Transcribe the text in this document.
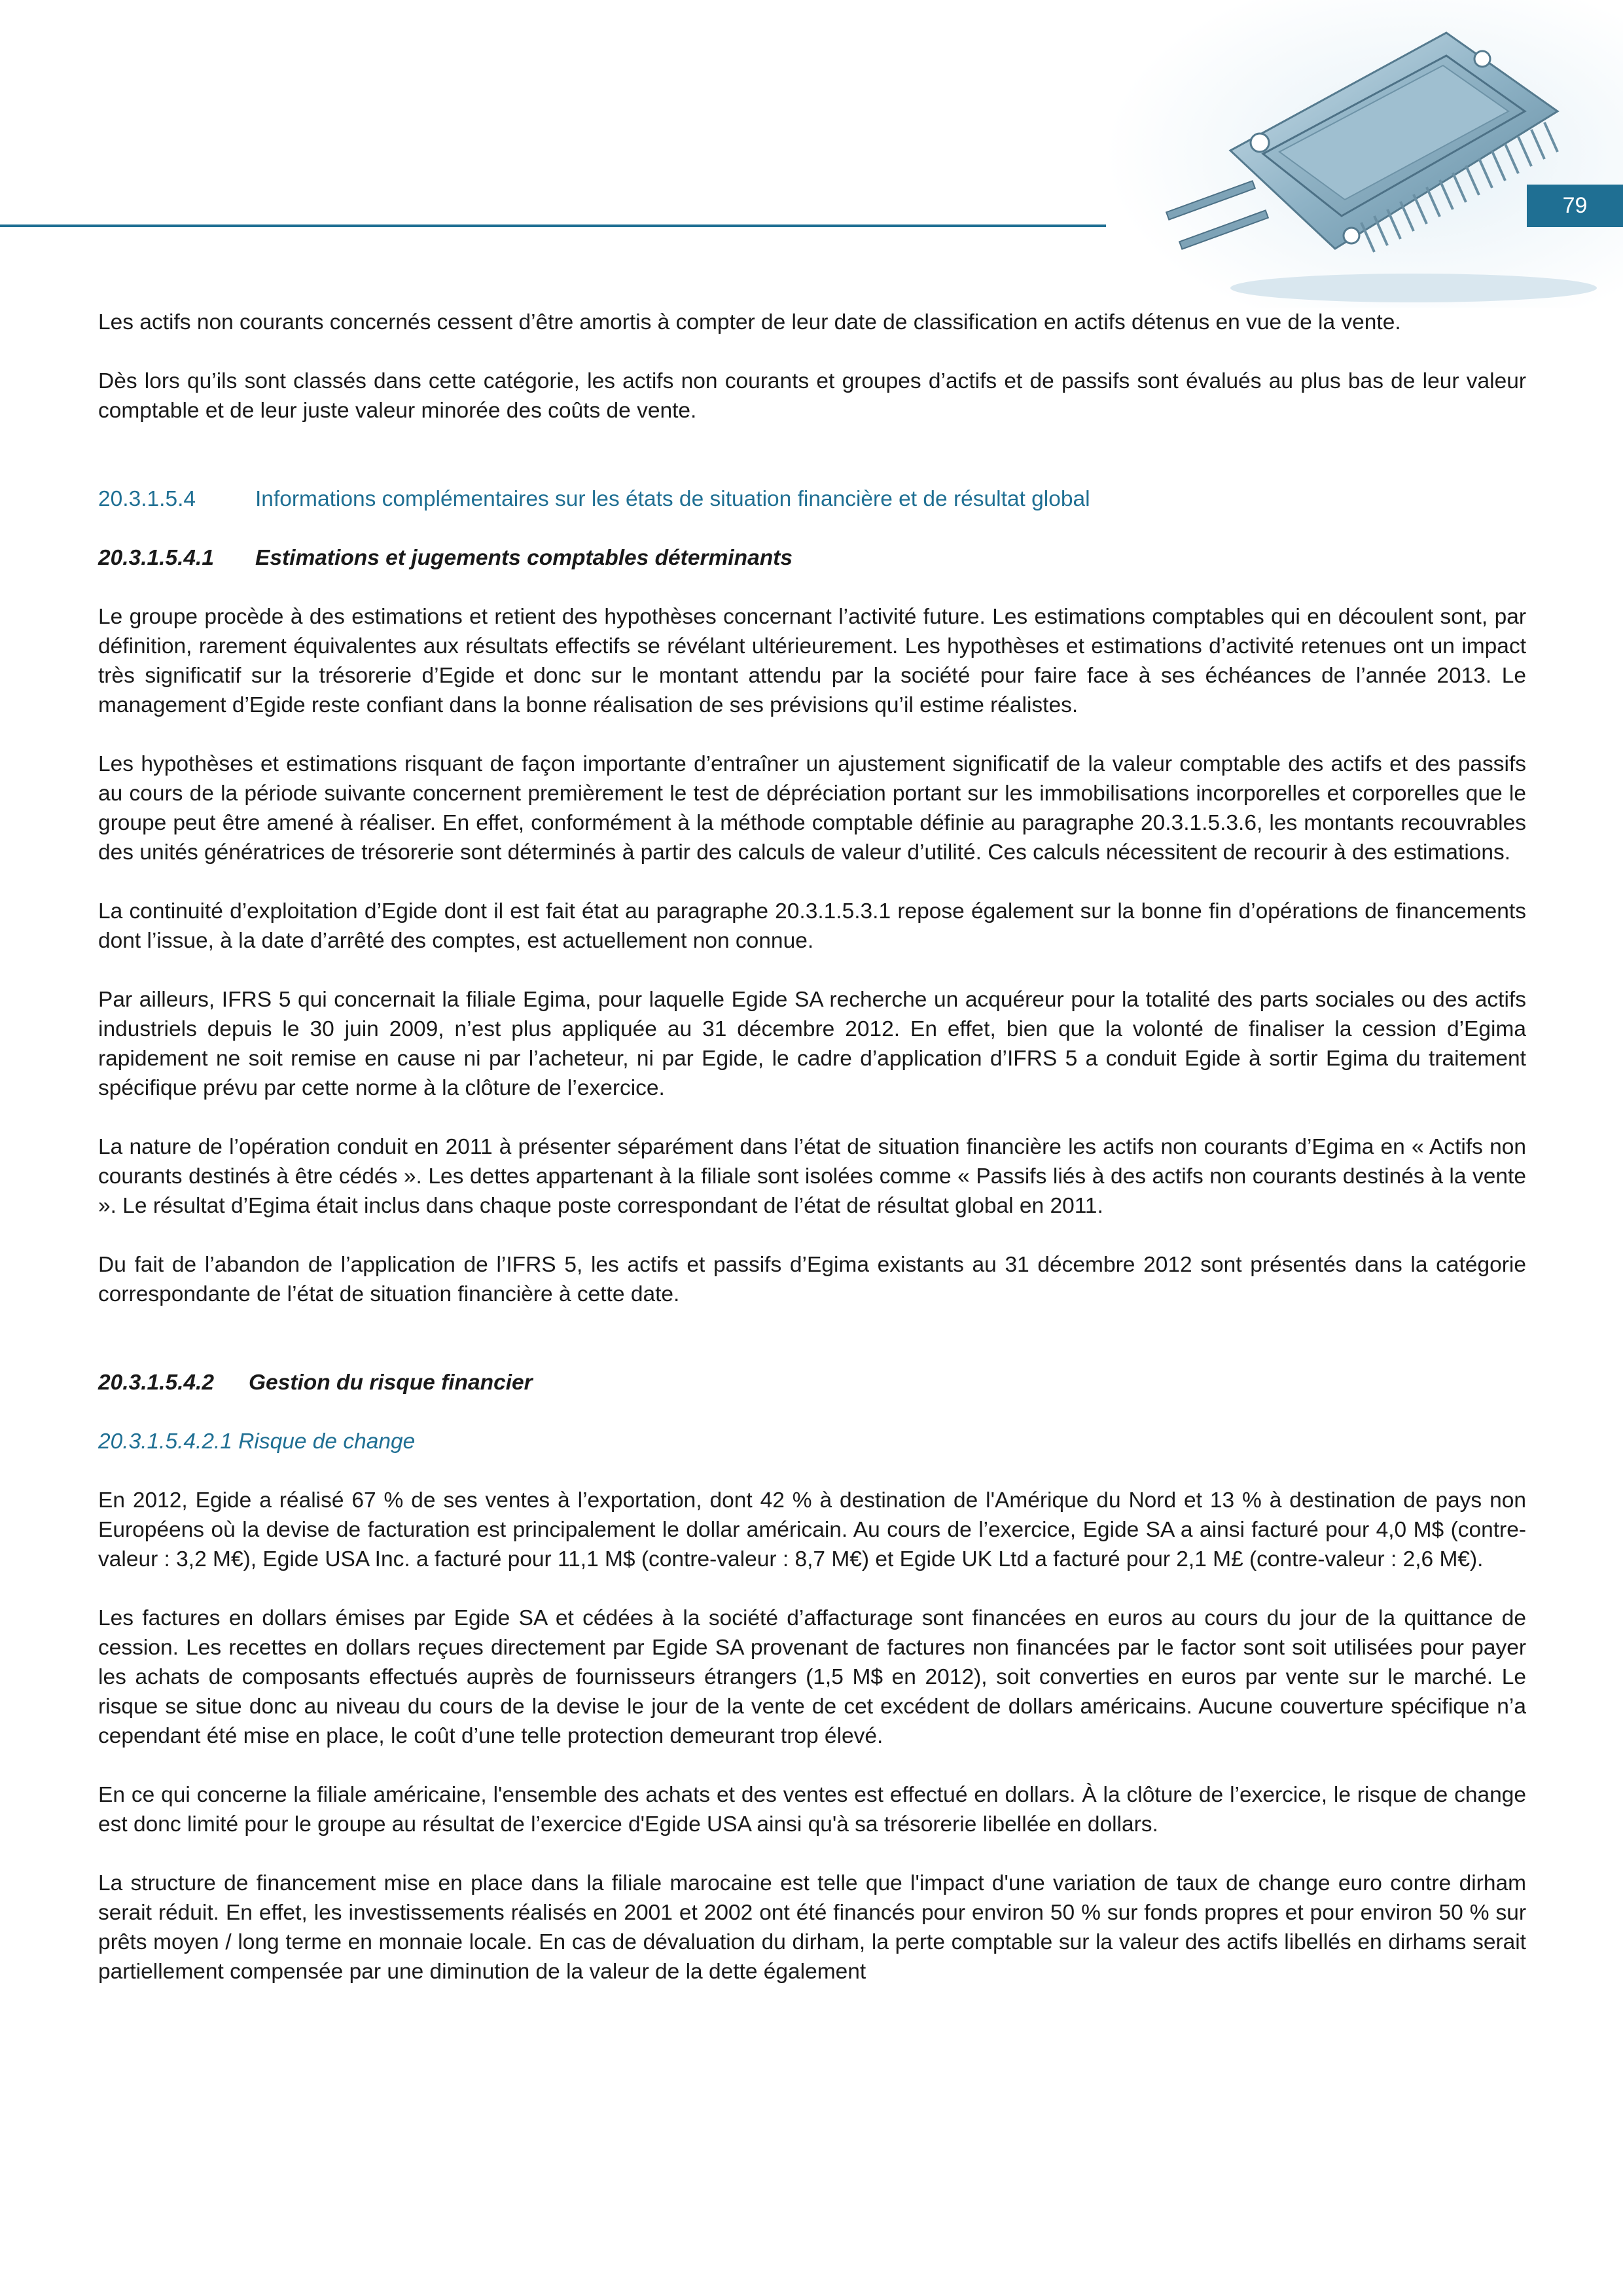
79

Les actifs non courants concernés cessent d’être amortis à compter de leur date de classification en actifs détenus en vue de la vente.

Dès lors qu’ils sont classés dans cette catégorie, les actifs non courants et groupes d’actifs et de passifs sont évalués au plus bas de leur valeur comptable et de leur juste valeur minorée des coûts de vente.

20.3.1.5.4	Informations complémentaires sur les états de situation financière et de résultat global
20.3.1.5.4.1 Estimations et jugements comptables déterminants

Le groupe procède à des estimations et retient des hypothèses concernant l’activité future. Les estimations comptables qui en découlent sont, par définition, rarement équivalentes aux résultats effectifs se révélant ultérieurement. Les hypothèses et estimations d’activité retenues ont un impact très significatif sur la trésorerie d’Egide et donc sur le montant attendu par la société pour faire face à ses échéances de l’année 2013. Le management d’Egide reste confiant dans la bonne réalisation de ses prévisions qu’il estime réalistes.

Les hypothèses et estimations risquant de façon importante d’entraîner un ajustement significatif de la valeur comptable des actifs et des passifs au cours de la période suivante concernent premièrement le test de dépréciation portant sur les immobilisations incorporelles et corporelles que le groupe peut être amené à réaliser. En effet, conformément à la méthode comptable définie au paragraphe 20.3.1.5.3.6, les montants recouvrables des unités génératrices de trésorerie sont déterminés à partir des calculs de valeur d’utilité. Ces calculs nécessitent de recourir à des estimations.

La continuité d’exploitation d’Egide dont il est fait état au paragraphe 20.3.1.5.3.1 repose également sur la bonne fin d’opérations de financements dont l’issue, à la date d’arrêté des comptes, est actuellement non connue.

Par ailleurs, IFRS 5 qui concernait la filiale Egima, pour laquelle Egide SA recherche un acquéreur pour la totalité des parts sociales ou des actifs industriels depuis le 30 juin 2009, n’est plus appliquée au 31 décembre 2012. En effet, bien que la volonté de finaliser la cession d’Egima rapidement ne soit remise en cause ni par l’acheteur, ni par Egide, le cadre d’application d’IFRS 5 a conduit Egide à sortir Egima du traitement spécifique prévu par cette norme à la clôture de l’exercice.

La nature de l’opération conduit en 2011 à présenter séparément dans l’état de situation financière les actifs non courants d’Egima en « Actifs non courants destinés à être cédés ». Les dettes appartenant à la filiale sont isolées comme « Passifs liés à des actifs non courants destinés à la vente ». Le résultat d’Egima était inclus dans chaque poste correspondant de l’état de résultat global en 2011.

Du fait de l’abandon de l’application de l’IFRS 5, les actifs et passifs d’Egima existants au 31 décembre 2012 sont présentés dans la catégorie correspondante de l’état de situation financière à cette date.

20.3.1.5.4.2 Gestion du risque financier
20.3.1.5.4.2.1 Risque de change

En 2012, Egide a réalisé 67 % de ses ventes à l’exportation, dont 42 % à destination de l'Amérique du Nord et 13 % à destination de pays non Européens où la devise de facturation est principalement le dollar américain. Au cours de l’exercice, Egide SA a ainsi facturé pour 4,0 M$ (contre-valeur : 3,2 M€), Egide USA Inc. a facturé pour 11,1 M$ (contre-valeur : 8,7 M€) et Egide UK Ltd a facturé pour 2,1 M£ (contre-valeur : 2,6 M€).

Les factures en dollars émises par Egide SA et cédées à la société d’affacturage sont financées en euros au cours du jour de la quittance de cession. Les recettes en dollars reçues directement par Egide SA provenant de factures non financées par le factor sont soit utilisées pour payer les achats de composants effectués auprès de fournisseurs étrangers (1,5 M$ en 2012), soit converties en euros par vente sur le marché. Le risque se situe donc au niveau du cours de la devise le jour de la vente de cet excédent de dollars américains. Aucune couverture spécifique n’a cependant été mise en place, le coût d’une telle protection demeurant trop élevé.

En ce qui concerne la filiale américaine, l'ensemble des achats et des ventes est effectué en dollars. À la clôture de l’exercice, le risque de change est donc limité pour le groupe au résultat de l’exercice d'Egide USA ainsi qu'à sa trésorerie libellée en dollars.

La structure de financement mise en place dans la filiale marocaine est telle que l'impact d'une variation de taux de change euro contre dirham serait réduit. En effet, les investissements réalisés en 2001 et 2002 ont été financés pour environ 50 % sur fonds propres et pour environ 50 % sur prêts moyen / long terme en monnaie locale. En cas de dévaluation du dirham, la perte comptable sur la valeur des actifs libellés en dirhams serait partiellement compensée par une diminution de la valeur de la dette également
